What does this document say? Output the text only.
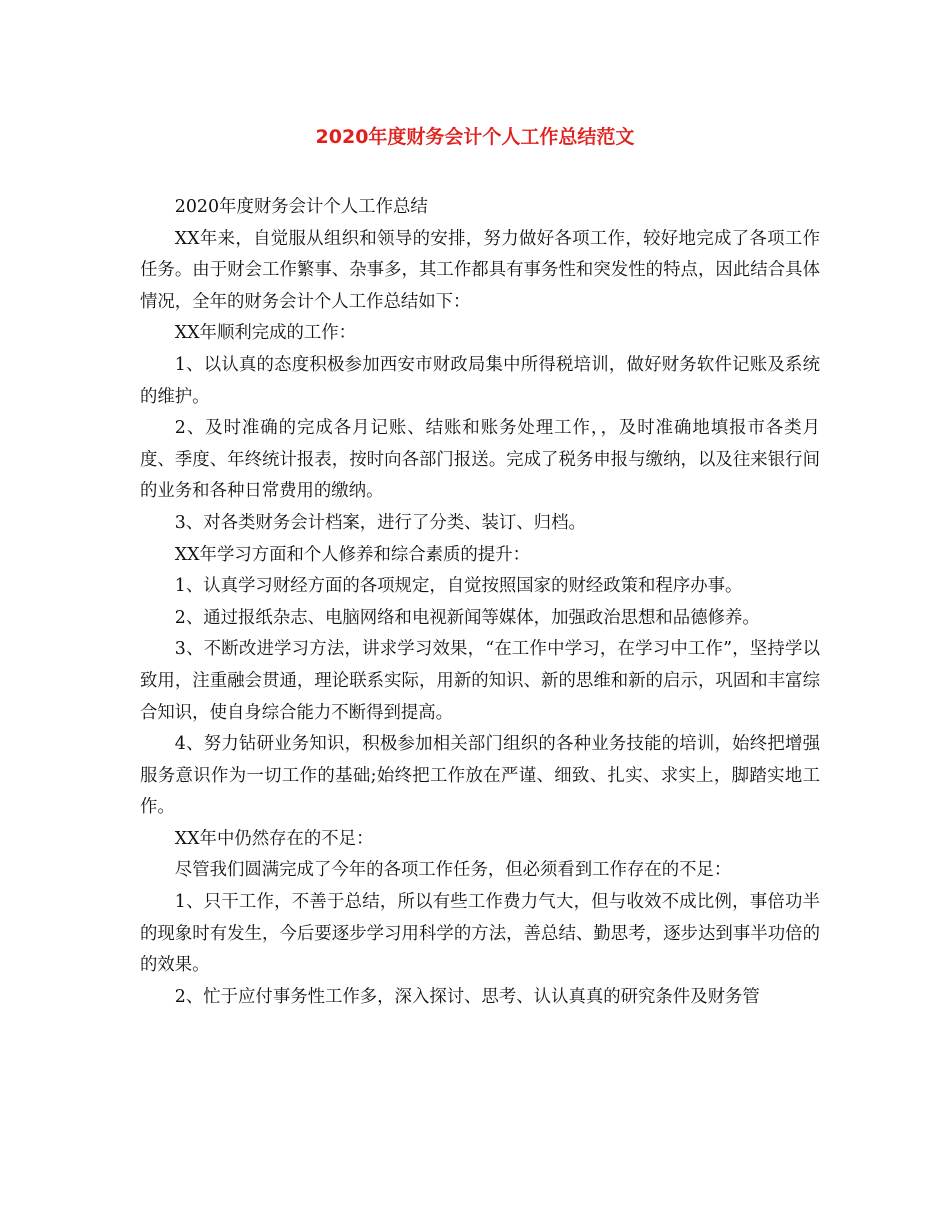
2020年度财务会计个人工作总结范文

2020年度财务会计个人工作总结

XX年来，自觉服从组织和领导的安排，努力做好各项工作，较好地完成了各项工作任务。由于财会工作繁事、杂事多，其工作都具有事务性和突发性的特点，因此结合具体情况，全年的财务会计个人工作总结如下：

XX年顺利完成的工作：

1、以认真的态度积极参加西安市财政局集中所得税培训，做好财务软件记账及系统的维护。

2、及时准确的完成各月记账、结账和账务处理工作，，及时准确地填报市各类月度、季度、年终统计报表，按时向各部门报送。完成了税务申报与缴纳，以及往来银行间的业务和各种日常费用的缴纳。

3、对各类财务会计档案，进行了分类、装订、归档。

XX年学习方面和个人修养和综合素质的提升：

1、认真学习财经方面的各项规定，自觉按照国家的财经政策和程序办事。

2、通过报纸杂志、电脑网络和电视新闻等媒体，加强政治思想和品德修养。

3、不断改进学习方法，讲求学习效果，“在工作中学习，在学习中工作”，坚持学以致用，注重融会贯通，理论联系实际，用新的知识、新的思维和新的启示，巩固和丰富综合知识，使自身综合能力不断得到提高。

4、努力钻研业务知识，积极参加相关部门组织的各种业务技能的培训，始终把增强服务意识作为一切工作的基础;始终把工作放在严谨、细致、扎实、求实上，脚踏实地工作。

XX年中仍然存在的不足：

尽管我们圆满完成了今年的各项工作任务，但必须看到工作存在的不足：

1、只干工作，不善于总结，所以有些工作费力气大，但与收效不成比例，事倍功半的现象时有发生，今后要逐步学习用科学的方法，善总结、勤思考，逐步达到事半功倍的的效果。

2、忙于应付事务性工作多，深入探讨、思考、认认真真的研究条件及财务管
